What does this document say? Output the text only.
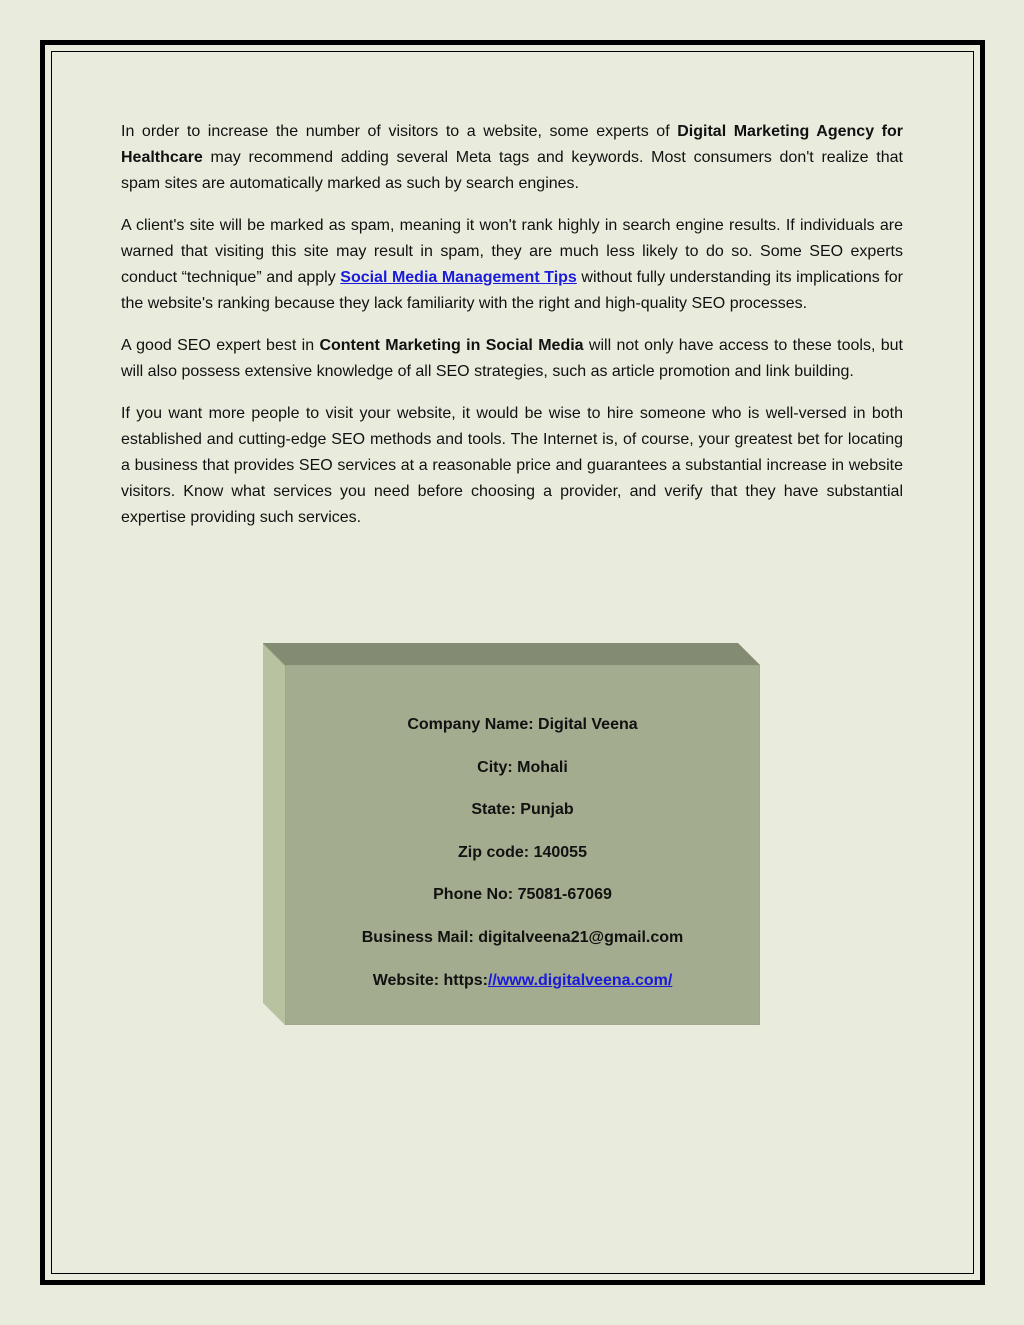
In order to increase the number of visitors to a website, some experts of Digital Marketing Agency for Healthcare may recommend adding several Meta tags and keywords. Most consumers don't realize that spam sites are automatically marked as such by search engines.

A client's site will be marked as spam, meaning it won't rank highly in search engine results. If individuals are warned that visiting this site may result in spam, they are much less likely to do so. Some SEO experts conduct “technique” and apply Social Media Management Tips without fully understanding its implications for the website's ranking because they lack familiarity with the right and high-quality SEO processes.

A good SEO expert best in Content Marketing in Social Media will not only have access to these tools, but will also possess extensive knowledge of all SEO strategies, such as article promotion and link building.

If you want more people to visit your website, it would be wise to hire someone who is well-versed in both established and cutting-edge SEO methods and tools. The Internet is, of course, your greatest bet for locating a business that provides SEO services at a reasonable price and guarantees a substantial increase in website visitors. Know what services you need before choosing a provider, and verify that they have substantial expertise providing such services.

Company Name: Digital Veena
City: Mohali
State: Punjab
Zip code: 140055
Phone No: 75081-67069
Business Mail: digitalveena21@gmail.com
Website: https://www.digitalveena.com/
